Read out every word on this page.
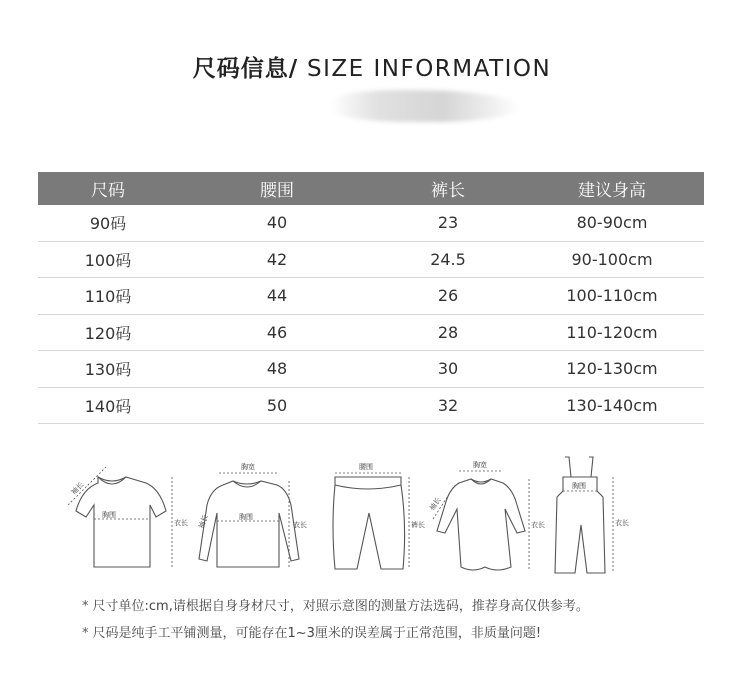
尺码信息/ SIZE INFORMATION
尺码	腰围	裤长	建议身高
90码	40	23	80-90cm
100码	42	24.5	90-100cm
110码	44	26	100-110cm
120码	46	28	110-120cm
130码	48	30	120-130cm
140码	50	32	130-140cm
胸围
袖长
衣长
胸宽
胸围
袖长	衣长
腰围
裤长
胸宽
袖长
衣长
胸围
衣长
* 尺寸单位:cm,请根据自身身材尺寸，对照示意图的测量方法选码，推荐身高仅供参考。
* 尺码是纯手工平铺测量，可能存在1~3厘米的误差属于正常范围，非质量问题!
